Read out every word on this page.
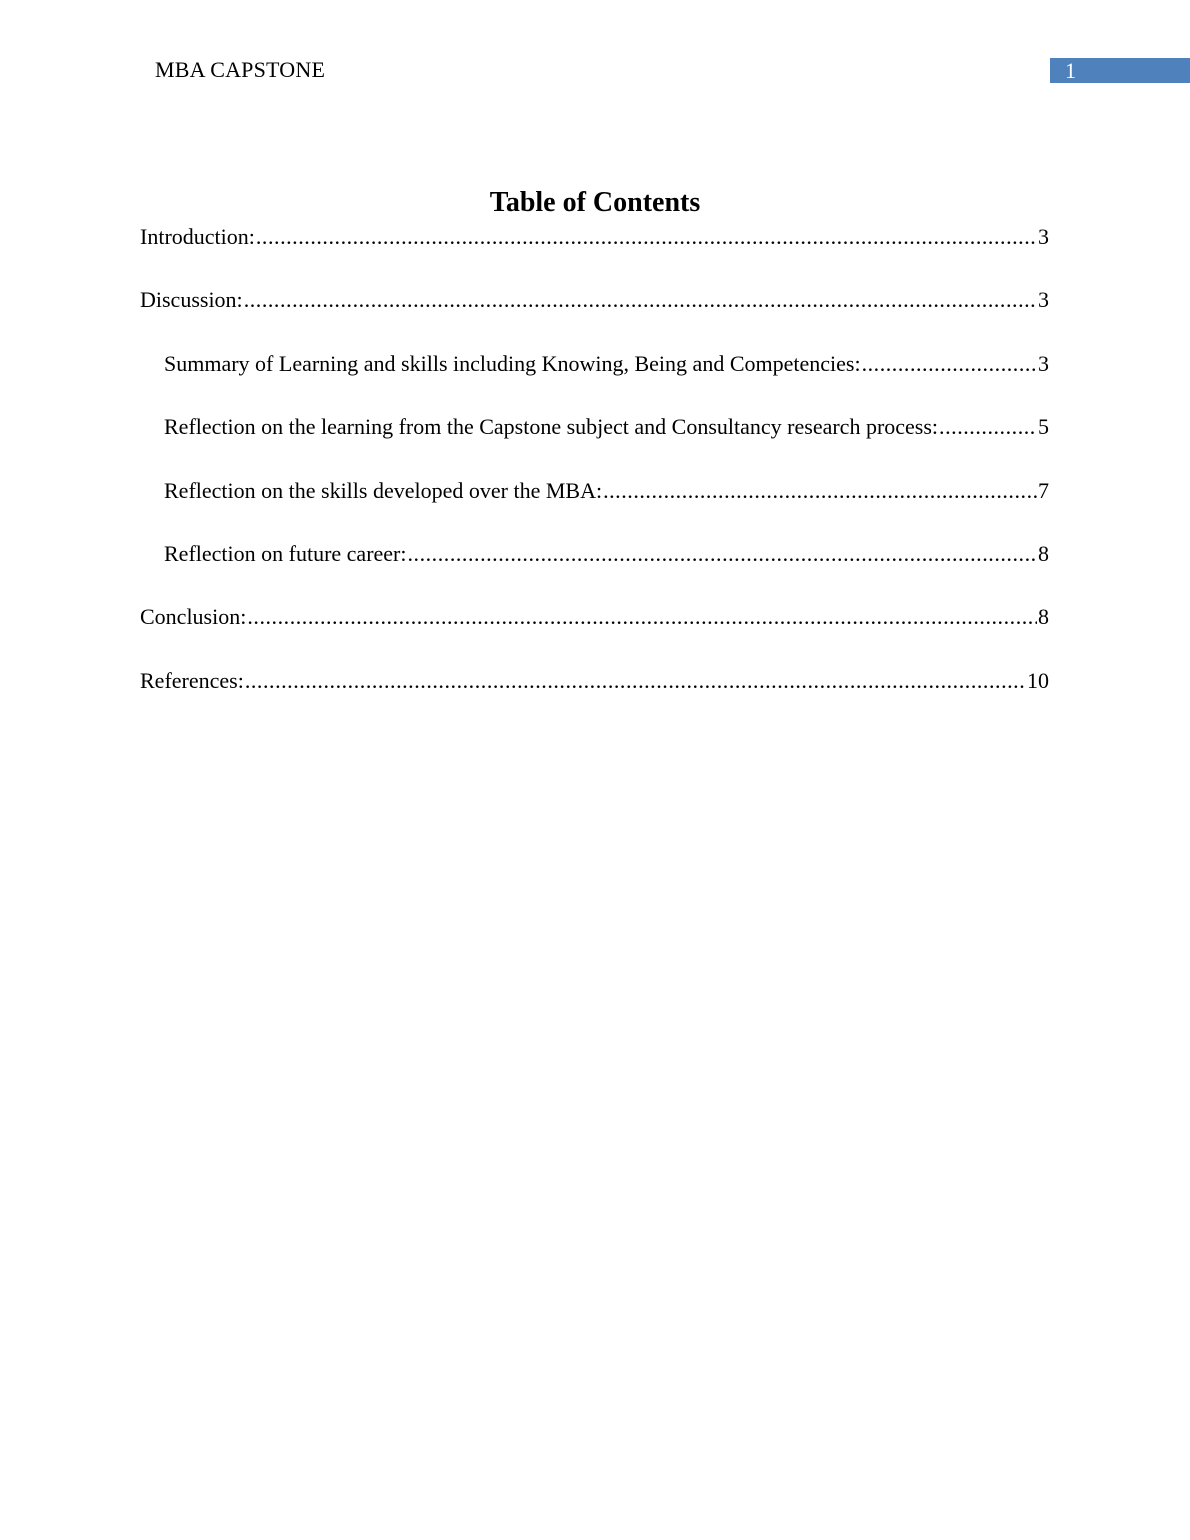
MBA CAPSTONE	1
Table of Contents
Introduction: .....	3
Discussion: .....	3
Summary of Learning and skills including Knowing, Being and Competencies: .....	3
Reflection on the learning from the Capstone subject and Consultancy research process: .....	5
Reflection on the skills developed over the MBA: .....	7
Reflection on future career: .....	8
Conclusion: .....	8
References: .....	10
